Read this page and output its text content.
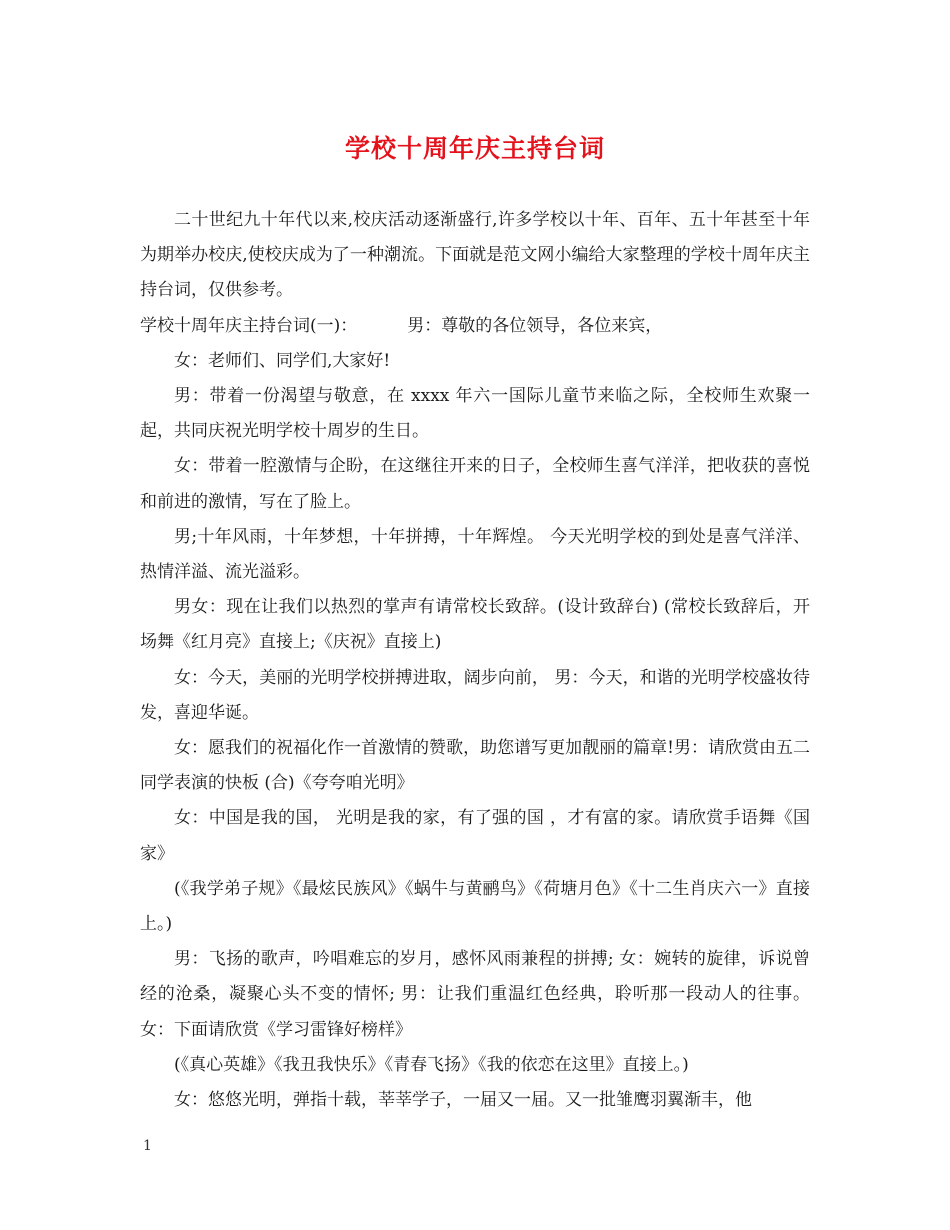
学校十周年庆主持台词

二十世纪九十年代以来,校庆活动逐渐盛行,许多学校以十年、百年、五十年甚至十年为期举办校庆,使校庆成为了一种潮流。下面就是范文网小编给大家整理的学校十周年庆主持台词，仅供参考。

学校十周年庆主持台词(一)：	男：尊敬的各位领导，各位来宾，

女：老师们、同学们,大家好!

男：带着一份渴望与敬意，在 xxxx 年六一国际儿童节来临之际，全校师生欢聚一起，共同庆祝光明学校十周岁的生日。

女：带着一腔激情与企盼，在这继往开来的日子，全校师生喜气洋洋，把收获的喜悦和前进的激情，写在了脸上。

男;十年风雨，十年梦想，十年拼搏，十年辉煌。 今天光明学校的到处是喜气洋洋、热情洋溢、流光溢彩。

男女：现在让我们以热烈的掌声有请常校长致辞。(设计致辞台) (常校长致辞后，开场舞《红月亮》直接上;《庆祝》直接上)

女：今天，美丽的光明学校拼搏进取，阔步向前， 男：今天，和谐的光明学校盛妆待发，喜迎华诞。

女：愿我们的祝福化作一首激情的赞歌，助您谱写更加靓丽的篇章!男：请欣赏由五二同学表演的快板 (合)《夸夸咱光明》

女：中国是我的国， 光明是我的家，有了强的国 ，才有富的家。请欣赏手语舞《国家》

(《我学弟子规》《最炫民族风》《蜗牛与黄鹂鸟》《荷塘月色》《十二生肖庆六一》直接上。)

男：飞扬的歌声，吟唱难忘的岁月，感怀风雨兼程的拼搏; 女：婉转的旋律，诉说曾经的沧桑，凝聚心头不变的情怀; 男：让我们重温红色经典，聆听那一段动人的往事。 女：下面请欣赏《学习雷锋好榜样》

(《真心英雄》《我丑我快乐》《青春飞扬》《我的依恋在这里》直接上。)

女：悠悠光明，弹指十载，莘莘学子，一届又一届。又一批雏鹰羽翼渐丰，他

1
